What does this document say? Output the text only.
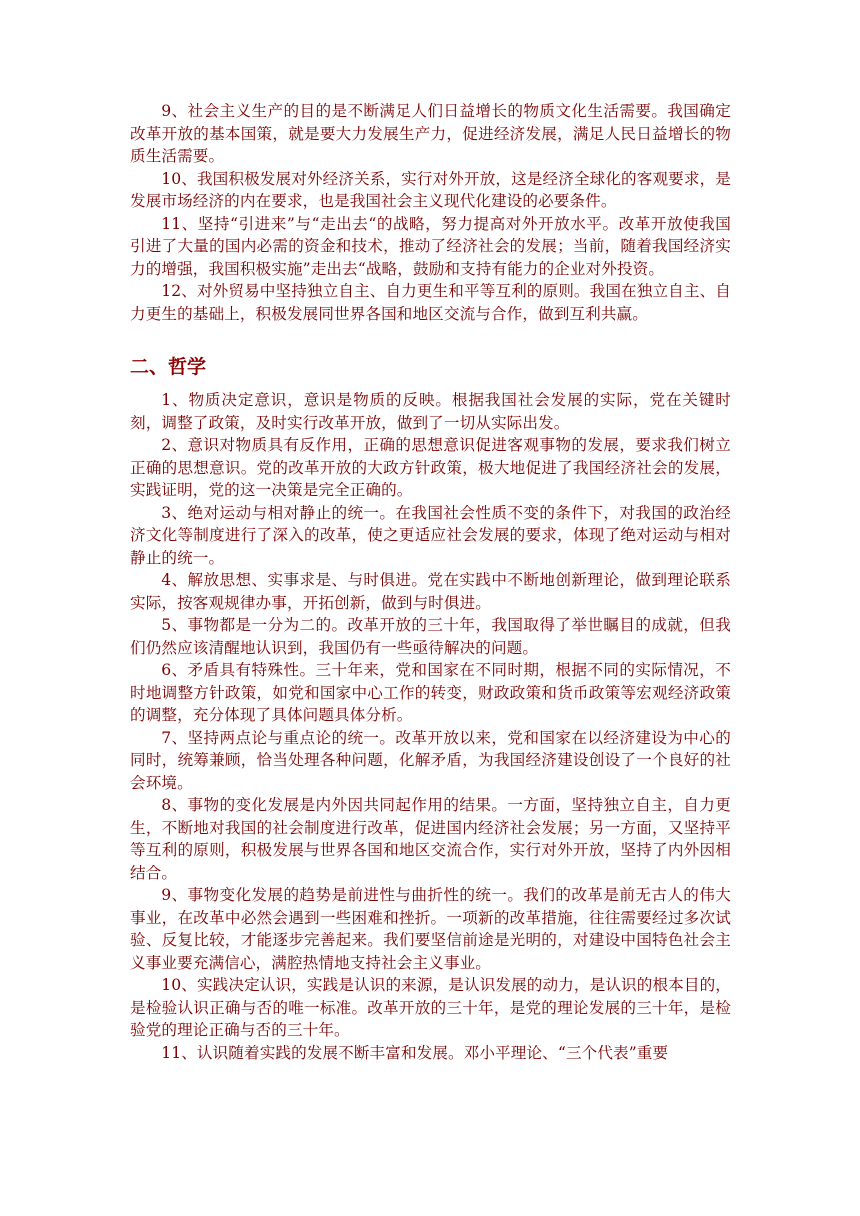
9、社会主义生产的目的是不断满足人们日益增长的物质文化生活需要。我国确定改革开放的基本国策，就是要大力发展生产力，促进经济发展，满足人民日益增长的物质生活需要。

10、我国积极发展对外经济关系，实行对外开放，这是经济全球化的客观要求，是发展市场经济的内在要求，也是我国社会主义现代化建设的必要条件。

11、坚持“引进来”与“走出去“的战略，努力提高对外开放水平。改革开放使我国引进了大量的国内必需的资金和技术，推动了经济社会的发展；当前，随着我国经济实力的增强，我国积极实施”走出去“战略，鼓励和支持有能力的企业对外投资。

12、对外贸易中坚持独立自主、自力更生和平等互利的原则。我国在独立自主、自力更生的基础上，积极发展同世界各国和地区交流与合作，做到互利共赢。

二、哲学

1、物质决定意识，意识是物质的反映。根据我国社会发展的实际，党在关键时刻，调整了政策，及时实行改革开放，做到了一切从实际出发。

2、意识对物质具有反作用，正确的思想意识促进客观事物的发展，要求我们树立正确的思想意识。党的改革开放的大政方针政策，极大地促进了我国经济社会的发展，实践证明，党的这一决策是完全正确的。

3、绝对运动与相对静止的统一。在我国社会性质不变的条件下，对我国的政治经济文化等制度进行了深入的改革，使之更适应社会发展的要求，体现了绝对运动与相对静止的统一。

4、解放思想、实事求是、与时俱进。党在实践中不断地创新理论，做到理论联系实际，按客观规律办事，开拓创新，做到与时俱进。

5、事物都是一分为二的。改革开放的三十年，我国取得了举世瞩目的成就，但我们仍然应该清醒地认识到，我国仍有一些亟待解决的问题。

6、矛盾具有特殊性。三十年来，党和国家在不同时期，根据不同的实际情况，不时地调整方针政策，如党和国家中心工作的转变，财政政策和货币政策等宏观经济政策的调整，充分体现了具体问题具体分析。

7、坚持两点论与重点论的统一。改革开放以来，党和国家在以经济建设为中心的同时，统筹兼顾，恰当处理各种问题，化解矛盾，为我国经济建设创设了一个良好的社会环境。

8、事物的变化发展是内外因共同起作用的结果。一方面，坚持独立自主，自力更生，不断地对我国的社会制度进行改革，促进国内经济社会发展；另一方面，又坚持平等互利的原则，积极发展与世界各国和地区交流合作，实行对外开放，坚持了内外因相结合。

9、事物变化发展的趋势是前进性与曲折性的统一。我们的改革是前无古人的伟大事业，在改革中必然会遇到一些困难和挫折。一项新的改革措施，往往需要经过多次试验、反复比较，才能逐步完善起来。我们要坚信前途是光明的，对建设中国特色社会主义事业要充满信心，满腔热情地支持社会主义事业。

10、实践决定认识，实践是认识的来源，是认识发展的动力，是认识的根本目的，是检验认识正确与否的唯一标准。改革开放的三十年，是党的理论发展的三十年，是检验党的理论正确与否的三十年。

11、认识随着实践的发展不断丰富和发展。邓小平理论、“三个代表”重要
